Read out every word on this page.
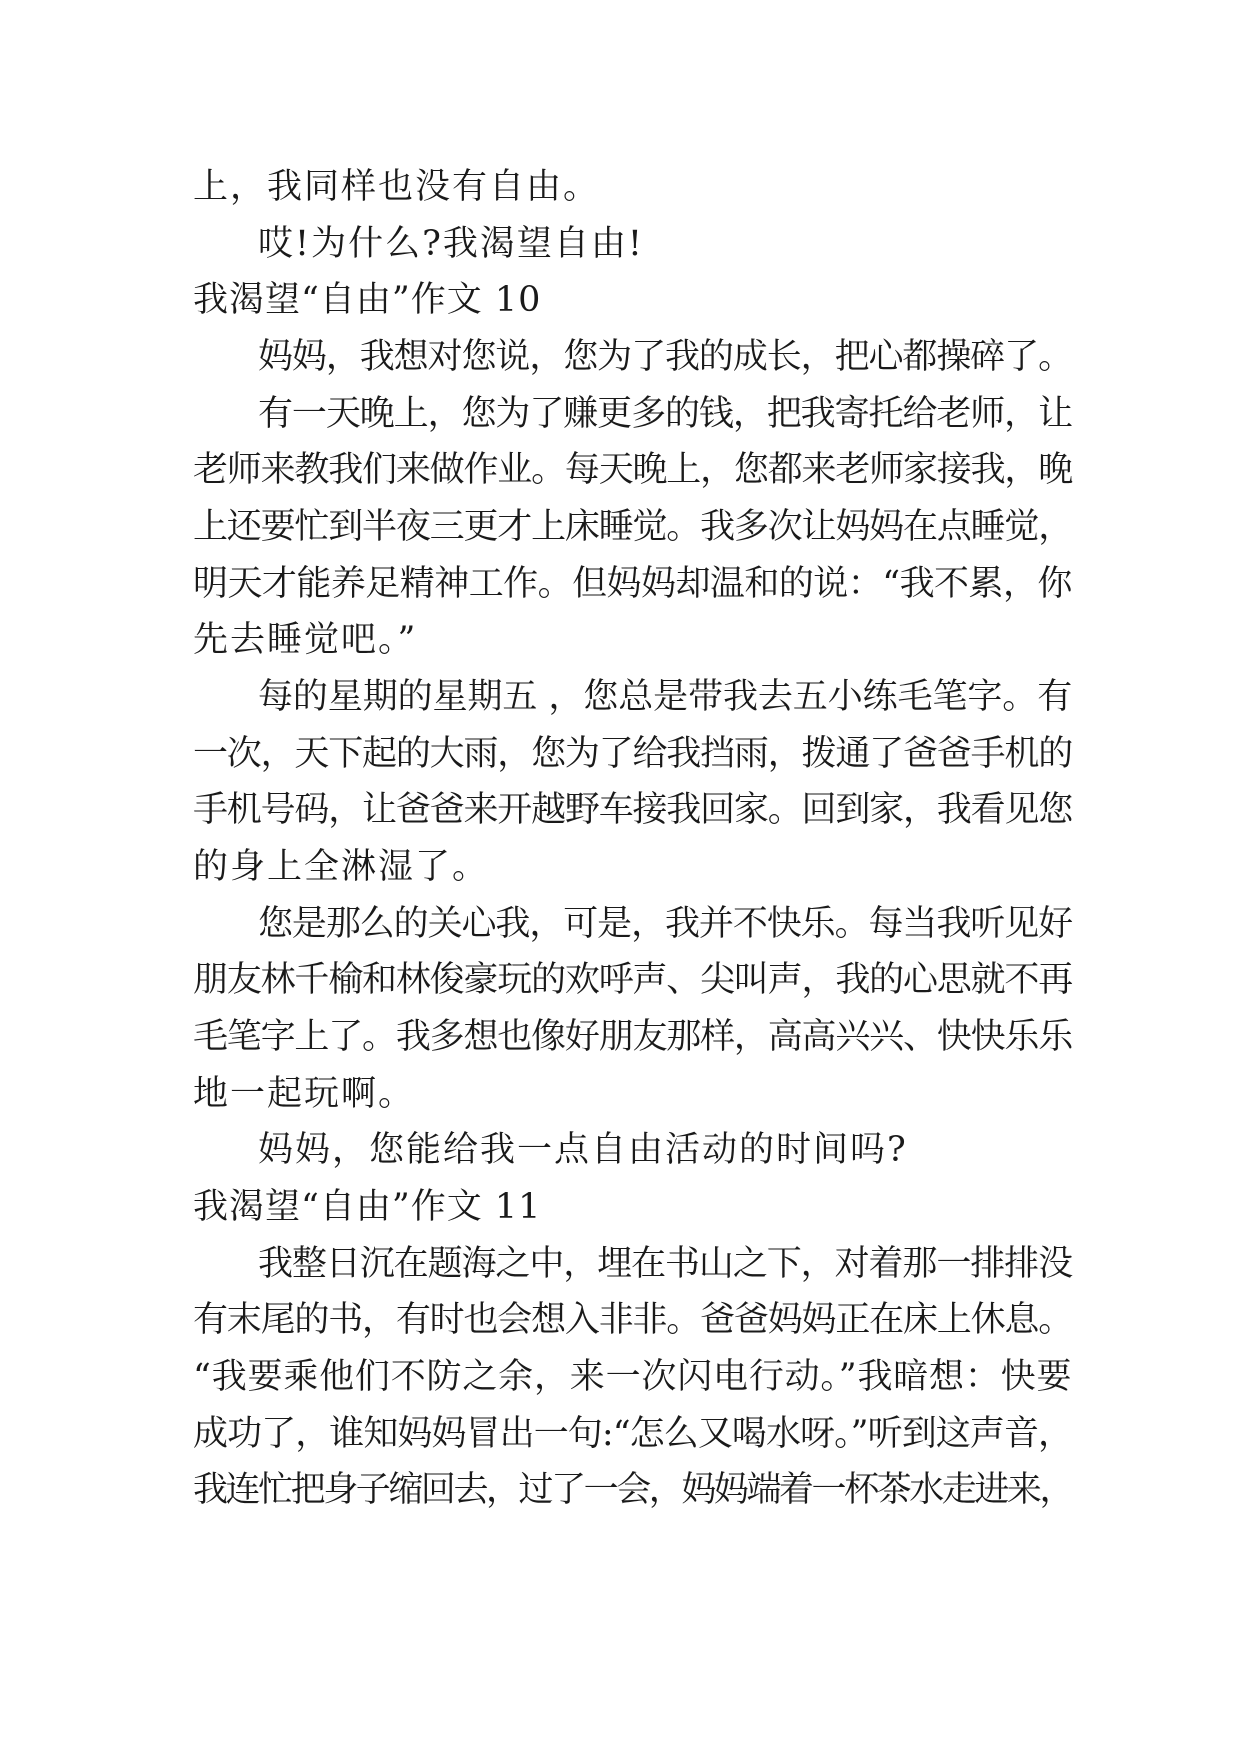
上，我同样也没有自由。
哎!为什么?我渴望自由!
我渴望“自由”作文 10
妈妈，我想对您说，您为了我的成长，把心都操碎了。
有一天晚上，您为了赚更多的钱，把我寄托给老师，让
老师来教我们来做作业。每天晚上，您都来老师家接我，晚
上还要忙到半夜三更才上床睡觉。我多次让妈妈在点睡觉，
明天才能养足精神工作。但妈妈却温和的说：“我不累，你
先去睡觉吧。”
每的星期的星期五 ，您总是带我去五小练毛笔字。有
一次，天下起的大雨，您为了给我挡雨，拨通了爸爸手机的
手机号码，让爸爸来开越野车接我回家。回到家，我看见您
的身上全淋湿了。
您是那么的关心我，可是，我并不快乐。每当我听见好
朋友林千榆和林俊豪玩的欢呼声、尖叫声，我的心思就不再
毛笔字上了。我多想也像好朋友那样，高高兴兴、快快乐乐
地一起玩啊。
妈妈，您能给我一点自由活动的时间吗?
我渴望“自由”作文 11
我整日沉在题海之中，埋在书山之下，对着那一排排没
有末尾的书，有时也会想入非非。爸爸妈妈正在床上休息。
“我要乘他们不防之余，来一次闪电行动。”我暗想：快要
成功了，谁知妈妈冒出一句:“怎么又喝水呀。”听到这声音，
我连忙把身子缩回去，过了一会，妈妈端着一杯茶水走进来，
